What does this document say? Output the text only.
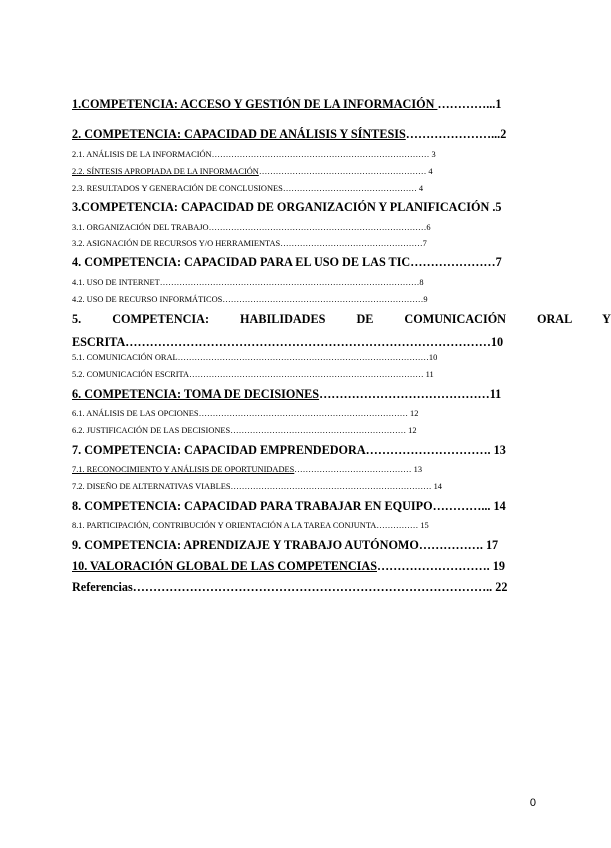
1.COMPETENCIA: ACCESO Y GESTIÓN DE LA INFORMACIÓN …………...1
2. COMPETENCIA: CAPACIDAD DE ANÁLISIS Y SÍNTESIS…………………...2
2.1. ANÁLISIS DE LA INFORMACIÓN…………………………………………………………………… 3
2.2. SÍNTESIS APROPIADA DE LA INFORMACIÓN…………………………………………………… 4
2.3. RESULTADOS Y GENERACIÓN DE CONCLUSIONES………………………………………… 4
3.COMPETENCIA: CAPACIDAD DE ORGANIZACIÓN Y PLANIFICACIÓN .5
3.1. ORGANIZACIÓN DEL TRABAJO……………………………………………………………………6
3.2. ASIGNACIÓN DE RECURSOS Y/O HERRAMIENTAS……………………………………………7
4. COMPETENCIA: CAPACIDAD PARA EL USO DE LAS TIC…………………7
4.1. USO DE INTERNET…………………………………………………………………………………8
4.2. USO DE RECURSO INFORMÁTICOS………………………………………………………………9
5. COMPETENCIA: HABILIDADES DE COMUNICACIÓN ORAL Y
ESCRITA………………………………………………………………………………10
5.1. COMUNICACIÓN ORAL………………………………………………………………………………10
5.2. COMUNICACIÓN ESCRITA………………………………………………………………………… 11
6. COMPETENCIA: TOMA DE DECISIONES……………………………………11
6.1. ANÁLISIS DE LAS OPCIONES………………………………………………………………… 12
6.2. JUSTIFICACIÓN DE LAS DECISIONES……………………………………………………… 12
7. COMPETENCIA: CAPACIDAD EMPRENDEDORA…………………………. 13
7.1. RECONOCIMIENTO Y ANÁLISIS DE OPORTUNIDADES…………………………………… 13
7.2. DISEÑO DE ALTERNATIVAS VIABLES……………………………………………………………… 14
8. COMPETENCIA: CAPACIDAD PARA TRABAJAR EN EQUIPO…………... 14
8.1. PARTICIPACIÓN, CONTRIBUCIÓN Y ORIENTACIÓN A LA TAREA CONJUNTA…………… 15
9. COMPETENCIA: APRENDIZAJE Y TRABAJO AUTÓNOMO……………. 17
10. VALORACIÓN GLOBAL DE LAS COMPETENCIAS………………………. 19
Referencias…………………………………………………………………………….. 22
0
